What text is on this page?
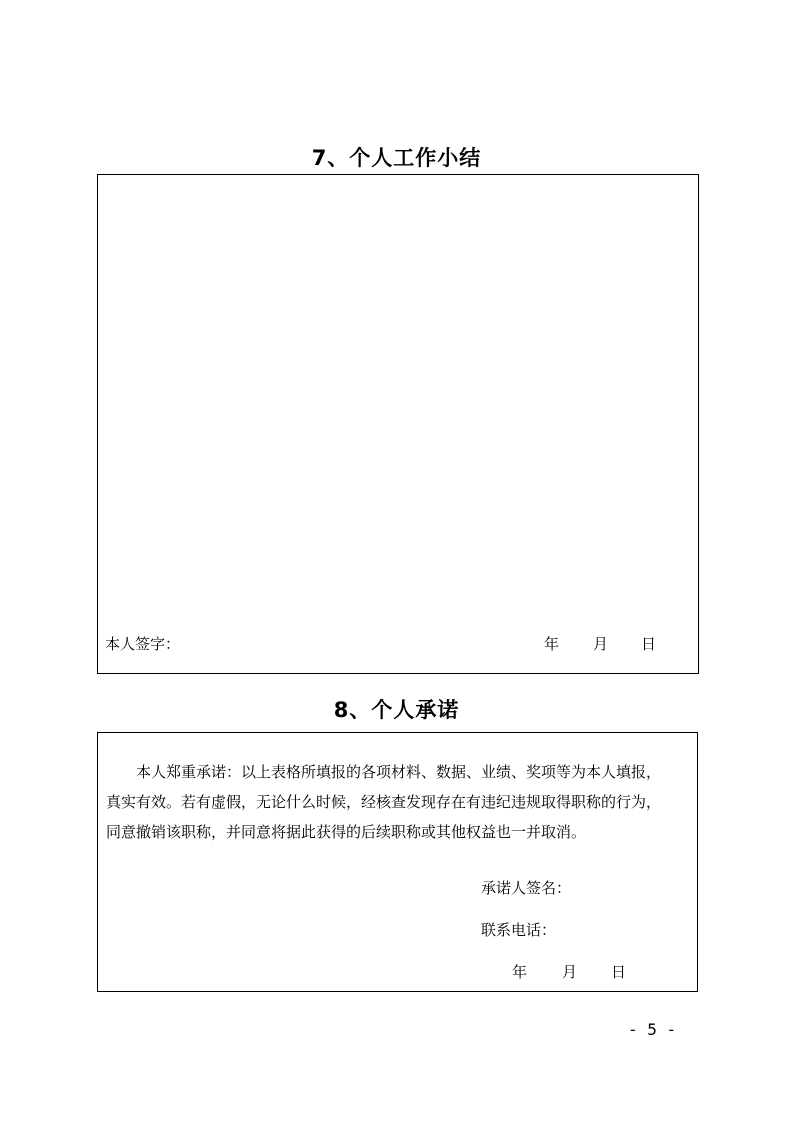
7、个人工作小结
本人签字：	年 月 日
8、个人承诺

本人郑重承诺：以上表格所填报的各项材料、数据、业绩、奖项等为本人填报，

真实有效。若有虚假，无论什么时候，经核查发现存在有违纪违规取得职称的行为，

同意撤销该职称，并同意将据此获得的后续职称或其他权益也一并取消。

承诺人签名：
联系电话：
年 月 日
- 5 -
